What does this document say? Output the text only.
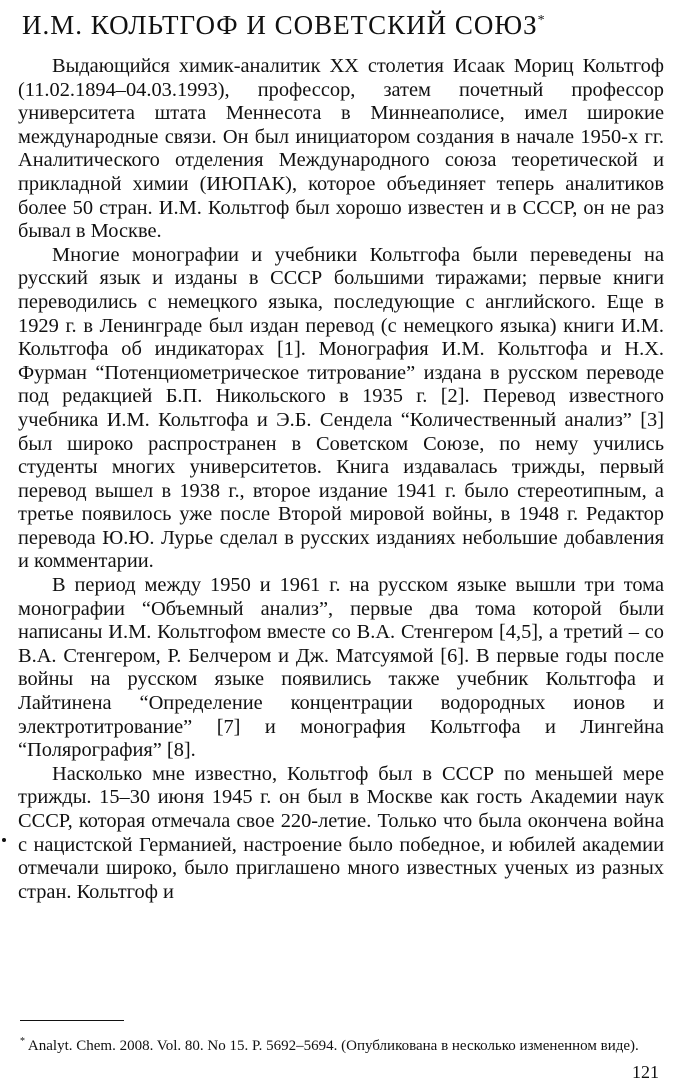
И.М. КОЛЬТГОФ И СОВЕТСКИЙ СОЮЗ*

Выдающийся химик-аналитик XX столетия Исаак Мориц Кольтгоф (11.02.1894–04.03.1993), профессор, затем почетный профессор университета штата Меннесота в Миннеаполисе, имел широкие международные связи. Он был инициатором создания в начале 1950-х гг. Аналитического отделения Международного союза теоретической и прикладной химии (ИЮПАК), которое объединяет теперь аналитиков более 50 стран. И.М. Кольтгоф был хорошо известен и в СССР, он не раз бывал в Москве.

Многие монографии и учебники Кольтгофа были переведены на русский язык и изданы в СССР большими тиражами; первые книги переводились с немецкого языка, последующие с английского. Еще в 1929 г. в Ленинграде был издан перевод (с немецкого языка) книги И.М. Кольтгофа об индикаторах [1]. Монография И.М. Кольтгофа и Н.Х. Фурман “Потенциометрическое титрование” издана в русском переводе под редакцией Б.П. Никольского в 1935 г. [2]. Перевод известного учебника И.М. Кольтгофа и Э.Б. Сендела “Количественный анализ” [3] был широко распространен в Советском Союзе, по нему учились студенты многих университетов. Книга издавалась трижды, первый перевод вышел в 1938 г., второе издание 1941 г. было стереотипным, а третье появилось уже после Второй мировой войны, в 1948 г. Редактор перевода Ю.Ю. Лурье сделал в русских изданиях небольшие добавления и комментарии.

В период между 1950 и 1961 г. на русском языке вышли три тома монографии “Объемный анализ”, первые два тома которой были написаны И.М. Кольтгофом вместе со В.А. Стенгером [4,5], а третий – со В.А. Стенгером, Р. Белчером и Дж. Матсуямой [6]. В первые годы после войны на русском языке появились также учебник Кольтгофа и Лайтинена “Определение концентрации водородных ионов и электротитрование” [7] и монография Кольтгофа и Лингейна “Полярография” [8].

Насколько мне известно, Кольтгоф был в СССР по меньшей мере трижды. 15–30 июня 1945 г. он был в Москве как гость Академии наук СССР, которая отмечала свое 220-летие. Только что была окончена война с нацистской Германией, настроение было победное, и юбилей академии отмечали широко, было приглашено много известных ученых из разных стран. Кольтгоф и

* Analyt. Chem. 2008. Vol. 80. No 15. P. 5692–5694. (Опубликована в несколько измененном виде).

121
